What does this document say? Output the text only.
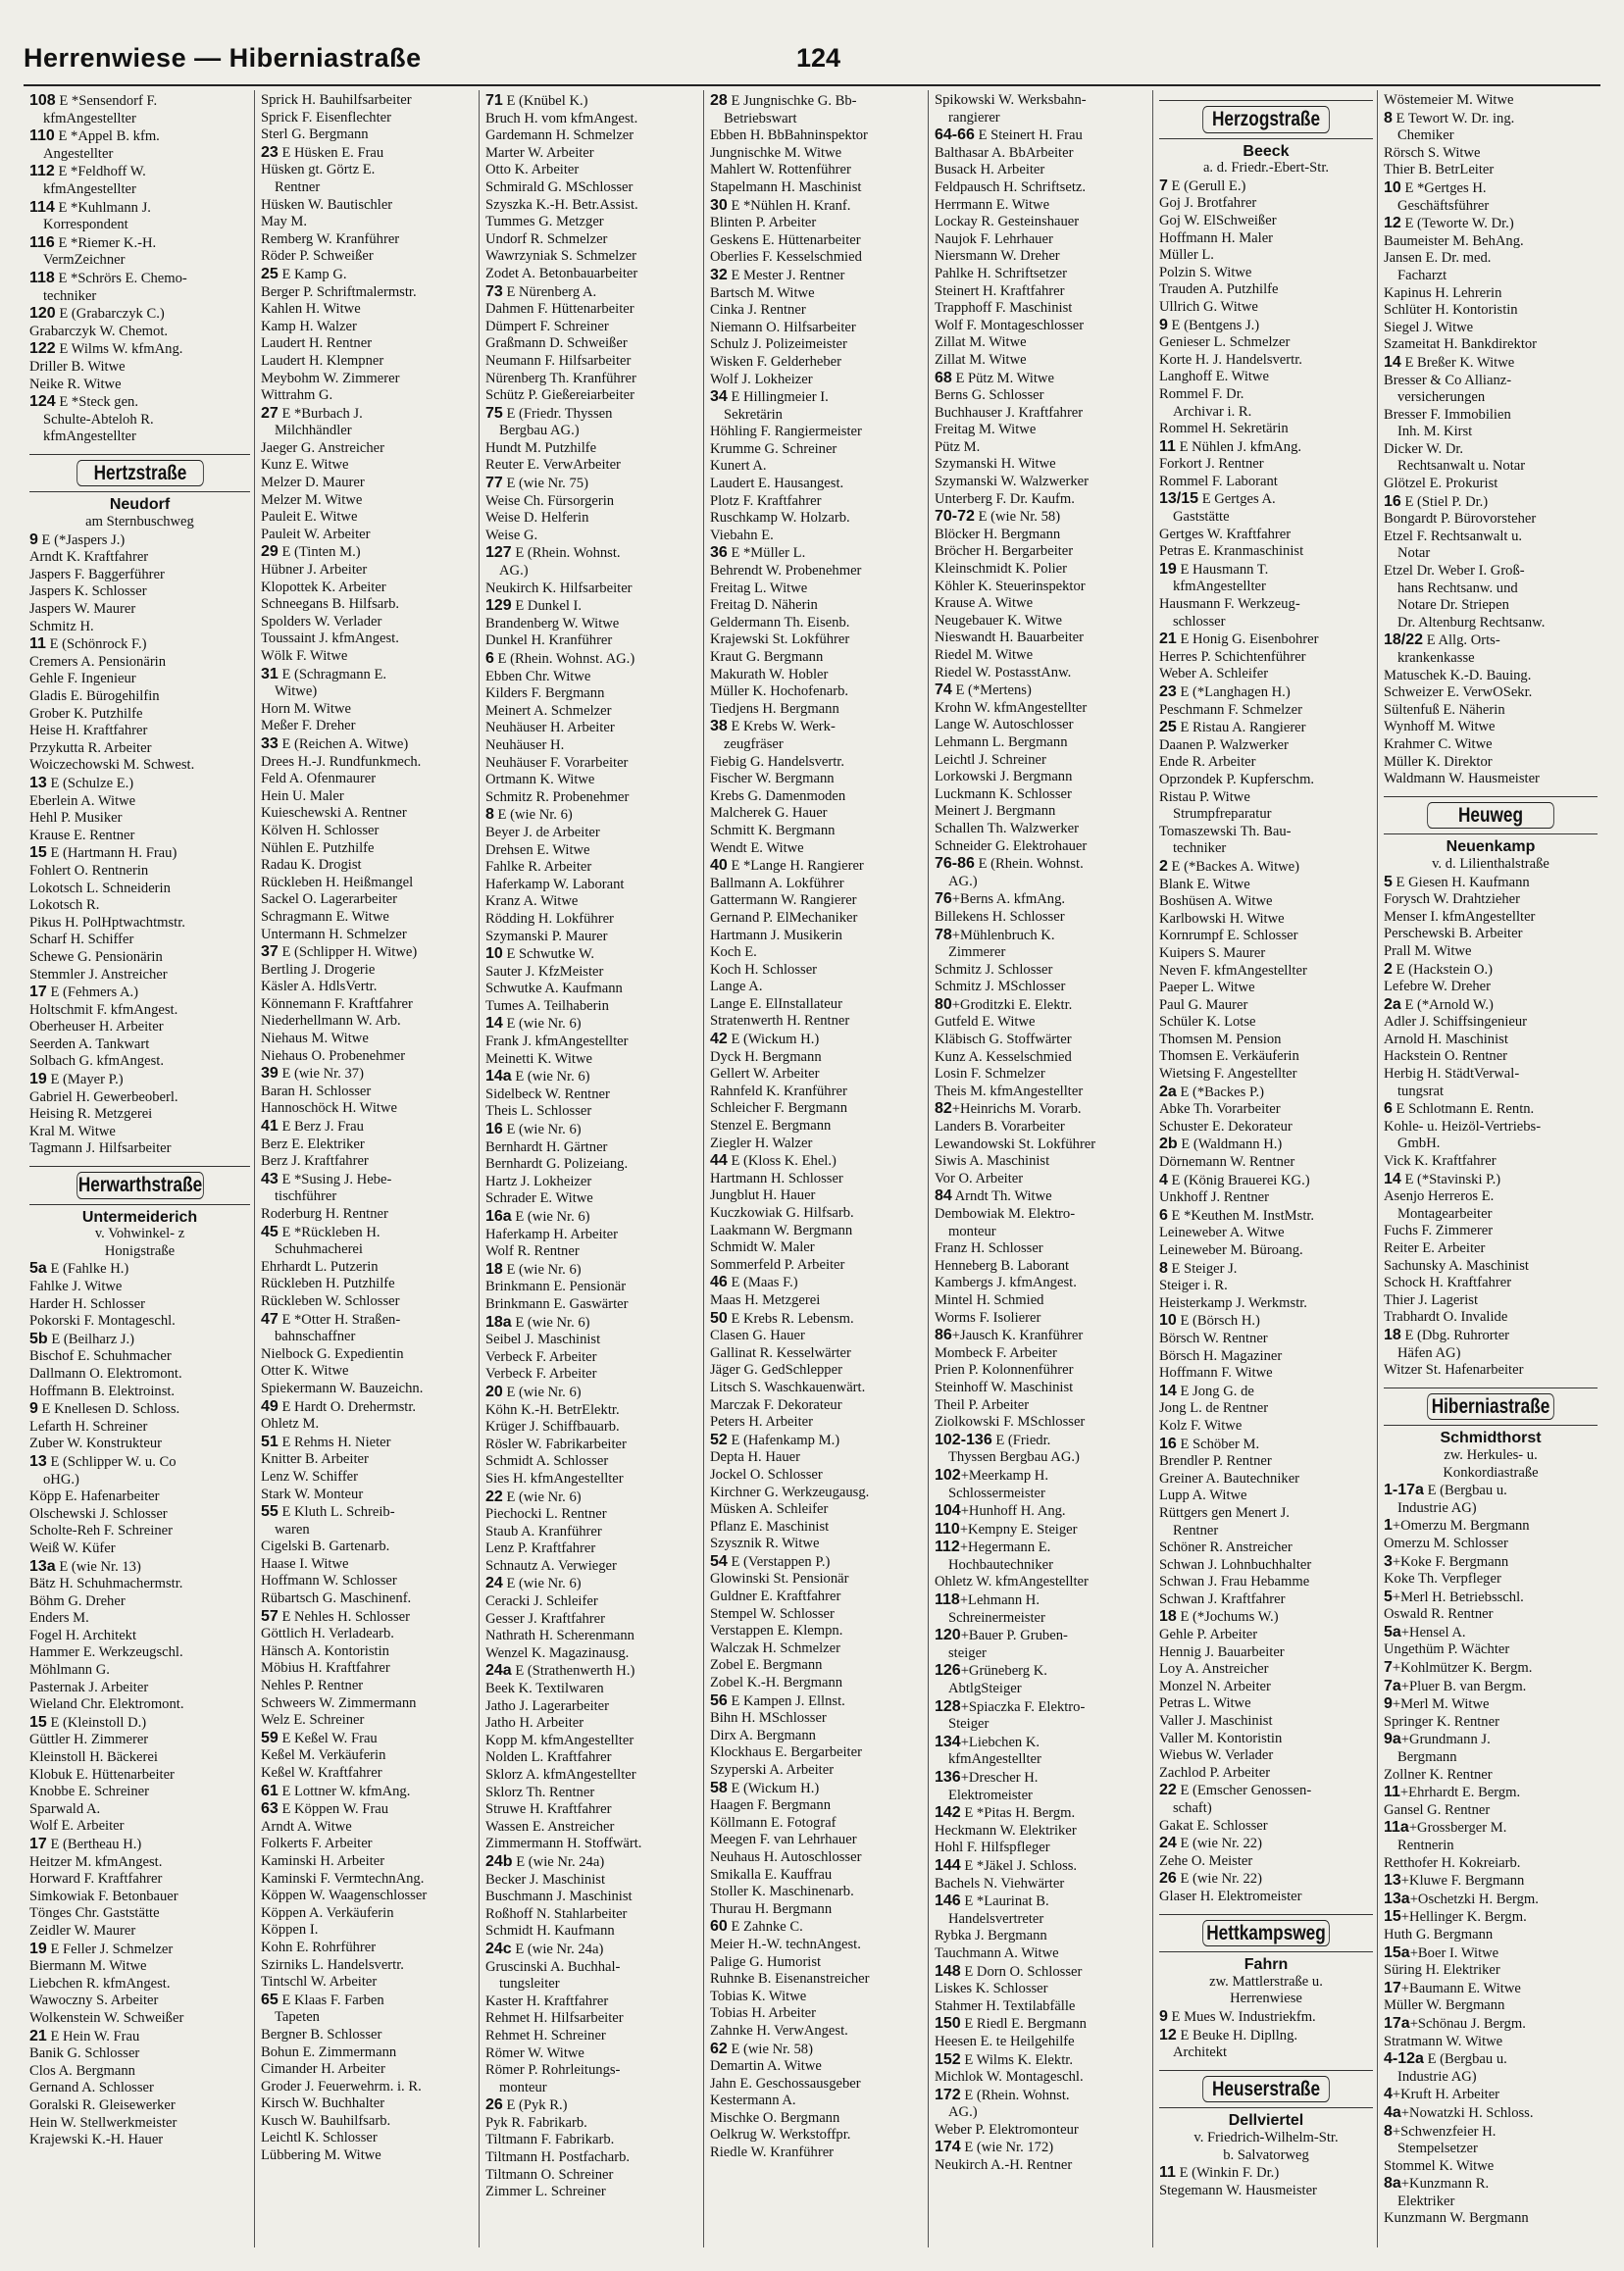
Herrenwiese — Hiberniastraße	124
108 E *Sensendorf F.
kfmAngestellter
110 E *Appel B. kfm.
Angestellter
112 E *Feldhoff W.
kfmAngestellter
114 E *Kuhlmann J.
Korrespondent
116 E *Riemer K.-H.
VermZeichner
118 E *Schrörs E. Chemo-
techniker
120 E (Grabarczyk C.)
Grabarczyk W. Chemot.
122 E Wilms W. kfmAng.
Driller B. Witwe
Neike R. Witwe
124 E *Steck gen.
Schulte-Abteloh R.
kfmAngestellter
Hertzstraße
Neudorf
am Sternbuschweg
9 E (*Jaspers J.)
Arndt K. Kraftfahrer
Jaspers F. Baggerführer
Jaspers K. Schlosser
Jaspers W. Maurer
Schmitz H.
11 E (Schönrock F.)
Cremers A. Pensionärin
Gehle F. Ingenieur
Gladis E. Bürogehilfin
Grober K. Putzhilfe
Heise H. Kraftfahrer
Przykutta R. Arbeiter
Woiczechowski M. Schwest.
13 E (Schulze E.)
Eberlein A. Witwe
Hehl P. Musiker
Krause E. Rentner
15 E (Hartmann H. Frau)
Fohlert O. Rentnerin
Lokotsch L. Schneiderin
Lokotsch R.
Pikus H. PolHptwachtmstr.
Scharf H. Schiffer
Schewe G. Pensionärin
Stemmler J. Anstreicher
17 E (Fehmers A.)
Holtschmit F. kfmAngest.
Oberheuser H. Arbeiter
Seerden A. Tankwart
Solbach G. kfmAngest.
19 E (Mayer P.)
Gabriel H. Gewerbeoberl.
Heising R. Metzgerei
Kral M. Witwe
Tagmann J. Hilfsarbeiter
Herwarthstraße
Untermeiderich
v. Vohwinkel- z
Honigstraße
5a E (Fahlke H.)
Fahlke J. Witwe
Harder H. Schlosser
Pokorski F. Montageschl.
5b E (Beilharz J.)
Bischof E. Schuhmacher
Dallmann O. Elektromont.
Hoffmann B. Elektroinst.
9 E Knellesen D. Schloss.
Lefarth H. Schreiner
Zuber W. Konstrukteur
13 E (Schlipper W. u. Co
oHG.)
Köpp E. Hafenarbeiter
Olschewski J. Schlosser
Scholte-Reh F. Schreiner
Weiß W. Küfer
13a E (wie Nr. 13)
Bätz H. Schuhmachermstr.
Böhm G. Dreher
Enders M.
Fogel H. Architekt
Hammer E. Werkzeugschl.
Möhlmann G.
Pasternak J. Arbeiter
Wieland Chr. Elektromont.
15 E (Kleinstoll D.)
Güttler H. Zimmerer
Kleinstoll H. Bäckerei
Klobuk E. Hüttenarbeiter
Knobbe E. Schreiner
Sparwald A.
Wolf E. Arbeiter
17 E (Bertheau H.)
Heitzer M. kfmAngest.
Horward F. Kraftfahrer
Simkowiak F. Betonbauer
Tönges Chr. Gaststätte
Zeidler W. Maurer
19 E Feller J. Schmelzer
Biermann M. Witwe
Liebchen R. kfmAngest.
Wawoczny S. Arbeiter
Wolkenstein W. Schweißer
21 E Hein W. Frau
Banik G. Schlosser
Clos A. Bergmann
Gernand A. Schlosser
Goralski R. Gleisewerker
Hein W. Stellwerkmeister
Krajewski K.-H. Hauer
Sprick H. Bauhilfsarbeiter
Sprick F. Eisenflechter
Sterl G. Bergmann
23 E Hüsken E. Frau
Hüsken gt. Görtz E.
Rentner
Hüsken W. Bautischler
May M.
Remberg W. Kranführer
Röder P. Schweißer
25 E Kamp G.
Berger P. Schriftmalermstr.
Kahlen H. Witwe
Kamp H. Walzer
Laudert H. Rentner
Laudert H. Klempner
Meybohm W. Zimmerer
Wittrahm G.
27 E *Burbach J.
Milchhändler
Jaeger G. Anstreicher
Kunz E. Witwe
Melzer D. Maurer
Melzer M. Witwe
Pauleit E. Witwe
Pauleit W. Arbeiter
29 E (Tinten M.)
Hübner J. Arbeiter
Klopottek K. Arbeiter
Schneegans B. Hilfsarb.
Spolders W. Verlader
Toussaint J. kfmAngest.
Wölk F. Witwe
31 E (Schragmann E.
Witwe)
Horn M. Witwe
Meßer F. Dreher
33 E (Reichen A. Witwe)
Drees H.-J. Rundfunkmech.
Feld A. Ofenmaurer
Hein U. Maler
Kuieschewski A. Rentner
Kölven H. Schlosser
Nühlen E. Putzhilfe
Radau K. Drogist
Rückleben H. Heißmangel
Sackel O. Lagerarbeiter
Schragmann E. Witwe
Untermann H. Schmelzer
37 E (Schlipper H. Witwe)
Bertling J. Drogerie
Käsler A. HdlsVertr.
Könnemann F. Kraftfahrer
Niederhellmann W. Arb.
Niehaus M. Witwe
Niehaus O. Probenehmer
39 E (wie Nr. 37)
Baran H. Schlosser
Hannoschöck H. Witwe
41 E Berz J. Frau
Berz E. Elektriker
Berz J. Kraftfahrer
43 E *Susing J. Hebe-
tischführer
Roderburg H. Rentner
45 E *Rückleben H.
Schuhmacherei
Ehrhardt L. Putzerin
Rückleben H. Putzhilfe
Rückleben W. Schlosser
47 E *Otter H. Straßen-
bahnschaffner
Nielbock G. Expedientin
Otter K. Witwe
Spiekermann W. Bauzeichn.
49 E Hardt O. Drehermstr.
Ohletz M.
51 E Rehms H. Nieter
Knitter B. Arbeiter
Lenz W. Schiffer
Stark W. Monteur
55 E Kluth L. Schreib-
waren
Cigelski B. Gartenarb.
Haase I. Witwe
Hoffmann W. Schlosser
Rübartsch G. Maschinenf.
57 E Nehles H. Schlosser
Göttlich H. Verladearb.
Hänsch A. Kontoristin
Möbius H. Kraftfahrer
Nehles P. Rentner
Schweers W. Zimmermann
Welz E. Schreiner
59 E Keßel W. Frau
Keßel M. Verkäuferin
Keßel W. Kraftfahrer
61 E Lottner W. kfmAng.
63 E Köppen W. Frau
Arndt A. Witwe
Folkerts F. Arbeiter
Kaminski H. Arbeiter
Kaminski F. VermtechnAng.
Köppen W. Waagenschlosser
Köppen A. Verkäuferin
Köppen I.
Kohn E. Rohrführer
Szirniks L. Handelsvertr.
Tintschl W. Arbeiter
65 E Klaas F. Farben
Tapeten
Bergner B. Schlosser
Bohun E. Zimmermann
Cimander H. Arbeiter
Groder J. Feuerwehrm. i. R.
Kirsch W. Buchhalter
Kusch W. Bauhilfsarb.
Leichtl K. Schlosser
Lübbering M. Witwe
71 E (Knübel K.)
Bruch H. vom kfmAngest.
Gardemann H. Schmelzer
Marter W. Arbeiter
Otto K. Arbeiter
Schmirald G. MSchlosser
Szyszka K.-H. Betr.Assist.
Tummes G. Metzger
Undorf R. Schmelzer
Wawrzyniak S. Schmelzer
Zodet A. Betonbauarbeiter
73 E Nürenberg A.
Dahmen F. Hüttenarbeiter
Dümpert F. Schreiner
Graßmann D. Schweißer
Neumann F. Hilfsarbeiter
Nürenberg Th. Kranführer
Schütz P. Gießereiarbeiter
75 E (Friedr. Thyssen
Bergbau AG.)
Hundt M. Putzhilfe
Reuter E. VerwArbeiter
77 E (wie Nr. 75)
Weise Ch. Fürsorgerin
Weise D. Helferin
Weise G.
127 E (Rhein. Wohnst.
AG.)
Neukirch K. Hilfsarbeiter
129 E Dunkel I.
Brandenberg W. Witwe
Dunkel H. Kranführer
6 E (Rhein. Wohnst. AG.)
Ebben Chr. Witwe
Kilders F. Bergmann
Meinert A. Schmelzer
Neuhäuser H. Arbeiter
Neuhäuser H.
Neuhäuser F. Vorarbeiter
Ortmann K. Witwe
Schmitz R. Probenehmer
8 E (wie Nr. 6)
Beyer J. de Arbeiter
Drehsen E. Witwe
Fahlke R. Arbeiter
Haferkamp W. Laborant
Kranz A. Witwe
Rödding H. Lokführer
Szymanski P. Maurer
10 E Schwutke W.
Sauter J. KfzMeister
Schwutke A. Kaufmann
Tumes A. Teilhaberin
14 E (wie Nr. 6)
Frank J. kfmAngestellter
Meinetti K. Witwe
14a E (wie Nr. 6)
Sidelbeck W. Rentner
Theis L. Schlosser
16 E (wie Nr. 6)
Bernhardt H. Gärtner
Bernhardt G. Polizeiang.
Hartz J. Lokheizer
Schrader E. Witwe
16a E (wie Nr. 6)
Haferkamp H. Arbeiter
Wolf R. Rentner
18 E (wie Nr. 6)
Brinkmann E. Pensionär
Brinkmann E. Gaswärter
18a E (wie Nr. 6)
Seibel J. Maschinist
Verbeck F. Arbeiter
Verbeck F. Arbeiter
20 E (wie Nr. 6)
Köhn K.-H. BetrElektr.
Krüger J. Schiffbauarb.
Rösler W. Fabrikarbeiter
Schmidt A. Schlosser
Sies H. kfmAngestellter
22 E (wie Nr. 6)
Piechocki L. Rentner
Staub A. Kranführer
Lenz P. Kraftfahrer
Schnautz A. Verwieger
24 E (wie Nr. 6)
Ceracki J. Schleifer
Gesser J. Kraftfahrer
Nathrath H. Scherenmann
Wenzel K. Magazinausg.
24a E (Strathenwerth H.)
Beek K. Textilwaren
Jatho J. Lagerarbeiter
Jatho H. Arbeiter
Kopp M. kfmAngestellter
Nolden L. Kraftfahrer
Sklorz A. kfmAngestellter
Sklorz Th. Rentner
Struwe H. Kraftfahrer
Wassen E. Anstreicher
Zimmermann H. Stoffwärt.
24b E (wie Nr. 24a)
Becker J. Maschinist
Buschmann J. Maschinist
Roßhoff N. Stahlarbeiter
Schmidt H. Kaufmann
24c E (wie Nr. 24a)
Gruscinski A. Buchhal-
tungsleiter
Kaster H. Kraftfahrer
Rehmet H. Hilfsarbeiter
Rehmet H. Schreiner
Römer W. Witwe
Römer P. Rohrleitungs-
monteur
26 E (Pyk R.)
Pyk R. Fabrikarb.
Tiltmann F. Fabrikarb.
Tiltmann H. Postfacharb.
Tiltmann O. Schreiner
Zimmer L. Schreiner
28 E Jungnischke G. Bb-
Betriebswart
Ebben H. BbBahninspektor
Jungnischke M. Witwe
Mahlert W. Rottenführer
Stapelmann H. Maschinist
30 E *Nühlen H. Kranf.
Blinten P. Arbeiter
Geskens E. Hüttenarbeiter
Oberlies F. Kesselschmied
32 E Mester J. Rentner
Bartsch M. Witwe
Cinka J. Rentner
Niemann O. Hilfsarbeiter
Schulz J. Polizeimeister
Wisken F. Gelderheber
Wolf J. Lokheizer
34 E Hillingmeier I.
Sekretärin
Höhling F. Rangiermeister
Krumme G. Schreiner
Kunert A.
Laudert E. Hausangest.
Plotz F. Kraftfahrer
Ruschkamp W. Holzarb.
Viebahn E.
36 E *Müller L.
Behrendt W. Probenehmer
Freitag L. Witwe
Freitag D. Näherin
Geldermann Th. Eisenb.
Krajewski St. Lokführer
Kraut G. Bergmann
Makurath W. Hobler
Müller K. Hochofenarb.
Tiedjens H. Bergmann
38 E Krebs W. Werk-
zeugfräser
Fiebig G. Handelsvertr.
Fischer W. Bergmann
Krebs G. Damenmoden
Malcherek G. Hauer
Schmitt K. Bergmann
Wendt E. Witwe
40 E *Lange H. Rangierer
Ballmann A. Lokführer
Gattermann W. Rangierer
Gernand P. ElMechaniker
Hartmann J. Musikerin
Koch E.
Koch H. Schlosser
Lange A.
Lange E. ElInstallateur
Stratenwerth H. Rentner
42 E (Wickum H.)
Dyck H. Bergmann
Gellert W. Arbeiter
Rahnfeld K. Kranführer
Schleicher F. Bergmann
Stenzel E. Bergmann
Ziegler H. Walzer
44 E (Kloss K. Ehel.)
Hartmann H. Schlosser
Jungblut H. Hauer
Kuczkowiak G. Hilfsarb.
Laakmann W. Bergmann
Schmidt W. Maler
Sommerfeld P. Arbeiter
46 E (Maas F.)
Maas H. Metzgerei
50 E Krebs R. Lebensm.
Clasen G. Hauer
Gallinat R. Kesselwärter
Jäger G. GedSchlepper
Litsch S. Waschkauenwärt.
Marczak F. Dekorateur
Peters H. Arbeiter
52 E (Hafenkamp M.)
Depta H. Hauer
Jockel O. Schlosser
Kirchner G. Werkzeugausg.
Müsken A. Schleifer
Pflanz E. Maschinist
Szysznik R. Witwe
54 E (Verstappen P.)
Glowinski St. Pensionär
Guldner E. Kraftfahrer
Stempel W. Schlosser
Verstappen E. Klempn.
Walczak H. Schmelzer
Zobel E. Bergmann
Zobel K.-H. Bergmann
56 E Kampen J. Ellnst.
Bihn H. MSchlosser
Dirx A. Bergmann
Klockhaus E. Bergarbeiter
Szyperski A. Arbeiter
58 E (Wickum H.)
Haagen F. Bergmann
Köllmann E. Fotograf
Meegen F. van Lehrhauer
Neuhaus H. Autoschlosser
Smikalla E. Kauffrau
Stoller K. Maschinenarb.
Thurau H. Bergmann
60 E Zahnke C.
Meier H.-W. technAngest.
Palige G. Humorist
Ruhnke B. Eisenanstreicher
Tobias K. Witwe
Tobias H. Arbeiter
Zahnke H. VerwAngest.
62 E (wie Nr. 58)
Demartin A. Witwe
Jahn E. Geschossausgeber
Kestermann A.
Mischke O. Bergmann
Oelkrug W. Werkstoffpr.
Riedle W. Kranführer
Spikowski W. Werksbahn-
rangierer
64-66 E Steinert H. Frau
Balthasar A. BbArbeiter
Busack H. Arbeiter
Feldpausch H. Schriftsetz.
Herrmann E. Witwe
Lockay R. Gesteinshauer
Naujok F. Lehrhauer
Niersmann W. Dreher
Pahlke H. Schriftsetzer
Steinert H. Kraftfahrer
Trapphoff F. Maschinist
Wolf F. Montageschlosser
Zillat M. Witwe
Zillat M. Witwe
68 E Pütz M. Witwe
Berns G. Schlosser
Buchhauser J. Kraftfahrer
Freitag M. Witwe
Pütz M.
Szymanski H. Witwe
Szymanski W. Walzwerker
Unterberg F. Dr. Kaufm.
70-72 E (wie Nr. 58)
Blöcker H. Bergmann
Bröcher H. Bergarbeiter
Kleinschmidt K. Polier
Köhler K. Steuerinspektor
Krause A. Witwe
Neugebauer K. Witwe
Nieswandt H. Bauarbeiter
Riedel M. Witwe
Riedel W. PostasstAnw.
74 E (*Mertens)
Krohn W. kfmAngestellter
Lange W. Autoschlosser
Lehmann L. Bergmann
Leichtl J. Schreiner
Lorkowski J. Bergmann
Luckmann K. Schlosser
Meinert J. Bergmann
Schallen Th. Walzwerker
Schneider G. Elektrohauer
76-86 E (Rhein. Wohnst.
AG.)
76+Berns A. kfmAng.
Billekens H. Schlosser
78+Mühlenbruch K.
Zimmerer
Schmitz J. Schlosser
Schmitz J. MSchlosser
80+Groditzki E. Elektr.
Gutfeld E. Witwe
Kläbisch G. Stoffwärter
Kunz A. Kesselschmied
Losin F. Schmelzer
Theis M. kfmAngestellter
82+Heinrichs M. Vorarb.
Landers B. Vorarbeiter
Lewandowski St. Lokführer
Siwis A. Maschinist
Vor O. Arbeiter
84 Arndt Th. Witwe
Dembowiak M. Elektro-
monteur
Franz H. Schlosser
Henneberg B. Laborant
Kambergs J. kfmAngest.
Mintel H. Schmied
Worms F. Isolierer
86+Jausch K. Kranführer
Mombeck F. Arbeiter
Prien P. Kolonnenführer
Steinhoff W. Maschinist
Theil P. Arbeiter
Ziolkowski F. MSchlosser
102-136 E (Friedr.
Thyssen Bergbau AG.)
102+Meerkamp H.
Schlossermeister
104+Hunhoff H. Ang.
110+Kempny E. Steiger
112+Hegermann E.
Hochbautechniker
Ohletz W. kfmAngestellter
118+Lehmann H.
Schreinermeister
120+Bauer P. Gruben-
steiger
126+Grüneberg K.
AbtlgSteiger
128+Spiaczka F. Elektro-
Steiger
134+Liebchen K.
kfmAngestellter
136+Drescher H.
Elektromeister
142 E *Pitas H. Bergm.
Heckmann W. Elektriker
Hohl F. Hilfspfleger
144 E *Jäkel J. Schloss.
Bachels N. Viehwärter
146 E *Laurinat B.
Handelsvertreter
Rybka J. Bergmann
Tauchmann A. Witwe
148 E Dorn O. Schlosser
Liskes K. Schlosser
Stahmer H. Textilabfälle
150 E Riedl E. Bergmann
Heesen E. te Heilgehilfe
152 E Wilms K. Elektr.
Michlok W. Montageschl.
172 E (Rhein. Wohnst.
AG.)
Weber P. Elektromonteur
174 E (wie Nr. 172)
Neukirch A.-H. Rentner
Herzogstraße
Beeck
a. d. Friedr.-Ebert-Str.
7 E (Gerull E.)
Goj J. Brotfahrer
Goj W. ElSchweißer
Hoffmann H. Maler
Müller L.
Polzin S. Witwe
Trauden A. Putzhilfe
Ullrich G. Witwe
9 E (Bentgens J.)
Genieser L. Schmelzer
Korte H. J. Handelsvertr.
Langhoff E. Witwe
Rommel F. Dr.
Archivar i. R.
Rommel H. Sekretärin
11 E Nühlen J. kfmAng.
Forkort J. Rentner
Rommel F. Laborant
13/15 E Gertges A.
Gaststätte
Gertges W. Kraftfahrer
Petras E. Kranmaschinist
19 E Hausmann T.
kfmAngestellter
Hausmann F. Werkzeug-
schlosser
21 E Honig G. Eisenbohrer
Herres P. Schichtenführer
Weber A. Schleifer
23 E (*Langhagen H.)
Peschmann F. Schmelzer
25 E Ristau A. Rangierer
Daanen P. Walzwerker
Ende R. Arbeiter
Oprzondek P. Kupferschm.
Ristau P. Witwe
Strumpfreparatur
Tomaszewski Th. Bau-
techniker
2 E (*Backes A. Witwe)
Blank E. Witwe
Boshüsen A. Witwe
Karlbowski H. Witwe
Kornrumpf E. Schlosser
Kuipers S. Maurer
Neven F. kfmAngestellter
Paeper L. Witwe
Paul G. Maurer
Schüler K. Lotse
Thomsen M. Pension
Thomsen E. Verkäuferin
Wietsing F. Angestellter
2a E (*Backes P.)
Abke Th. Vorarbeiter
Schuster E. Dekorateur
2b E (Waldmann H.)
Dörnemann W. Rentner
4 E (König Brauerei KG.)
Unkhoff J. Rentner
6 E *Keuthen M. InstMstr.
Leineweber A. Witwe
Leineweber M. Büroang.
8 E Steiger J.
Steiger i. R.
Heisterkamp J. Werkmstr.
10 E (Börsch H.)
Börsch W. Rentner
Börsch H. Magaziner
Hoffmann F. Witwe
14 E Jong G. de
Jong L. de Rentner
Kolz F. Witwe
16 E Schöber M.
Brendler P. Rentner
Greiner A. Bautechniker
Lupp A. Witwe
Rüttgers gen Menert J.
Rentner
Schöner R. Anstreicher
Schwan J. Lohnbuchhalter
Schwan J. Frau Hebamme
Schwan J. Kraftfahrer
18 E (*Jochums W.)
Gehle P. Arbeiter
Hennig J. Bauarbeiter
Loy A. Anstreicher
Monzel N. Arbeiter
Petras L. Witwe
Valler J. Maschinist
Valler M. Kontoristin
Wiebus W. Verlader
Zachlod P. Arbeiter
22 E (Emscher Genossen-
schaft)
Gakat E. Schlosser
24 E (wie Nr. 22)
Zehe O. Meister
26 E (wie Nr. 22)
Glaser H. Elektromeister
Hettkampsweg
Fahrn
zw. Mattlerstraße u.
Herrenwiese
9 E Mues W. Industriekfm.
12 E Beuke H. Dipllng.
Architekt
Heuserstraße
Dellviertel
v. Friedrich-Wilhelm-Str.
b. Salvatorweg
11 E (Winkin F. Dr.)
Stegemann W. Hausmeister
Wöstemeier M. Witwe
8 E Tewort W. Dr. ing.
Chemiker
Rörsch S. Witwe
Thier B. BetrLeiter
10 E *Gertges H.
Geschäftsführer
12 E (Teworte W. Dr.)
Baumeister M. BehAng.
Jansen E. Dr. med.
Facharzt
Kapinus H. Lehrerin
Schlüter H. Kontoristin
Siegel J. Witwe
Szameitat H. Bankdirektor
14 E Breßer K. Witwe
Bresser & Co Allianz-
versicherungen
Bresser F. Immobilien
Inh. M. Kirst
Dicker W. Dr.
Rechtsanwalt u. Notar
Glötzel E. Prokurist
16 E (Stiel P. Dr.)
Bongardt P. Bürovorsteher
Etzel F. Rechtsanwalt u.
Notar
Etzel Dr. Weber I. Groß-
hans Rechtsanw. und
Notare Dr. Striepen
Dr. Altenburg Rechtsanw.
18/22 E Allg. Orts-
krankenkasse
Matuschek K.-D. Bauing.
Schweizer E. VerwOSekr.
Sültenfuß E. Näherin
Wynhoff M. Witwe
Krahmer C. Witwe
Müller K. Direktor
Waldmann W. Hausmeister
Heuweg
Neuenkamp
v. d. Lilienthalstraße
5 E Giesen H. Kaufmann
Forysch W. Drahtzieher
Menser I. kfmAngestellter
Perschewski B. Arbeiter
Prall M. Witwe
2 E (Hackstein O.)
Lefebre W. Dreher
2a E (*Arnold W.)
Adler J. Schiffsingenieur
Arnold H. Maschinist
Hackstein O. Rentner
Herbig H. StädtVerwal-
tungsrat
6 E Schlotmann E. Rentn.
Kohle- u. Heizöl-Vertriebs-
GmbH.
Vick K. Kraftfahrer
14 E (*Stavinski P.)
Asenjo Herreros E.
Montagearbeiter
Fuchs F. Zimmerer
Reiter E. Arbeiter
Sachunsky A. Maschinist
Schock H. Kraftfahrer
Thier J. Lagerist
Trabhardt O. Invalide
18 E (Dbg. Ruhrorter
Häfen AG)
Witzer St. Hafenarbeiter
Hiberniastraße
Schmidthorst
zw. Herkules- u.
Konkordiastraße
1-17a E (Bergbau u.
Industrie AG)
1+Omerzu M. Bergmann
Omerzu M. Schlosser
3+Koke F. Bergmann
Koke Th. Verpfleger
5+Merl H. Betriebsschl.
Oswald R. Rentner
5a+Hensel A.
Ungethüm P. Wächter
7+Kohlmützer K. Bergm.
7a+Pluer B. van Bergm.
9+Merl M. Witwe
Springer K. Rentner
9a+Grundmann J.
Bergmann
Zollner K. Rentner
11+Ehrhardt E. Bergm.
Gansel G. Rentner
11a+Grossberger M.
Rentnerin
Retthofer H. Kokreiarb.
13+Kluwe F. Bergmann
13a+Oschetzki H. Bergm.
15+Hellinger K. Bergm.
Huth G. Bergmann
15a+Boer I. Witwe
Süring H. Elektriker
17+Baumann E. Witwe
Müller W. Bergmann
17a+Schönau J. Bergm.
Stratmann W. Witwe
4-12a E (Bergbau u.
Industrie AG)
4+Kruft H. Arbeiter
4a+Nowatzki H. Schloss.
8+Schwenzfeier H.
Stempelsetzer
Stommel K. Witwe
8a+Kunzmann R.
Elektriker
Kunzmann W. Bergmann
